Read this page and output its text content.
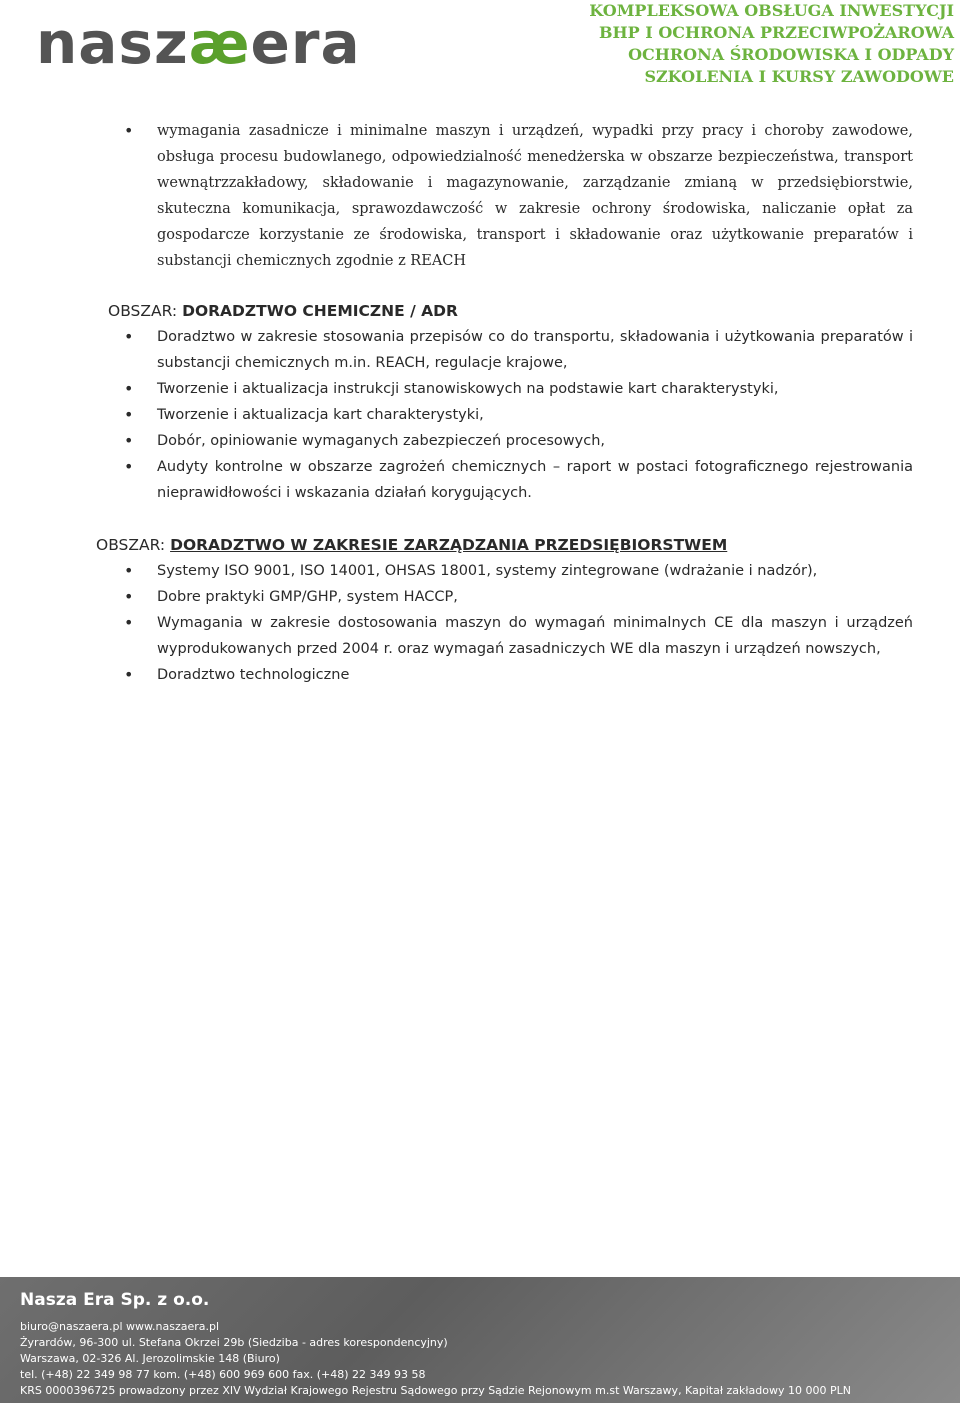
naszæera	KOMPLEKSOWA OBSŁUGA INWESTYCJI
BHP I OCHRONA PRZECIWPOŻAROWA
OCHRONA ŚRODOWISKA I ODPADY
SZKOLENIA I KURSY ZAWODOWE
• wymagania zasadnicze i minimalne maszyn i urządzeń, wypadki przy pracy i choroby zawodowe, obsługa procesu budowlanego, odpowiedzialność menedżerska w obszarze bezpieczeństwa, transport wewnątrzzakładowy, składowanie i magazynowanie, zarządzanie zmianą w przedsiębiorstwie, skuteczna komunikacja, sprawozdawczość w zakresie ochrony środowiska, naliczanie opłat za gospodarcze korzystanie ze środowiska, transport i składowanie oraz użytkowanie preparatów i substancji chemicznych zgodnie z REACH
OBSZAR: DORADZTWO CHEMICZNE / ADR
• Doradztwo w zakresie stosowania przepisów co do transportu, składowania i użytkowania preparatów i substancji chemicznych m.in. REACH, regulacje krajowe,
• Tworzenie i aktualizacja instrukcji stanowiskowych na podstawie kart charakterystyki,
• Tworzenie i aktualizacja kart charakterystyki,
• Dobór, opiniowanie wymaganych zabezpieczeń procesowych,
• Audyty kontrolne w obszarze zagrożeń chemicznych – raport w postaci fotograficznego rejestrowania nieprawidłowości i wskazania działań korygujących.
OBSZAR: DORADZTWO W ZAKRESIE ZARZĄDZANIA PRZEDSIĘBIORSTWEM
• Systemy ISO 9001, ISO 14001, OHSAS 18001, systemy zintegrowane (wdrażanie i nadzór),
• Dobre praktyki GMP/GHP, system HACCP,
• Wymagania w zakresie dostosowania maszyn do wymagań minimalnych CE dla maszyn i urządzeń wyprodukowanych przed 2004 r. oraz wymagań zasadniczych WE dla maszyn i urządzeń nowszych,
• Doradztwo technologiczne
Nasza Era Sp. z o.o.
biuro@naszaera.pl www.naszaera.pl
Żyrardów, 96-300 ul. Stefana Okrzei 29b (Siedziba - adres korespondencyjny)
Warszawa, 02-326 Al. Jerozolimskie 148 (Biuro)
tel. (+48) 22 349 98 77 kom. (+48) 600 969 600 fax. (+48) 22 349 93 58
KRS 0000396725 prowadzony przez XIV Wydział Krajowego Rejestru Sądowego przy Sądzie Rejonowym m.st Warszawy, Kapitał zakładowy 10 000 PLN
